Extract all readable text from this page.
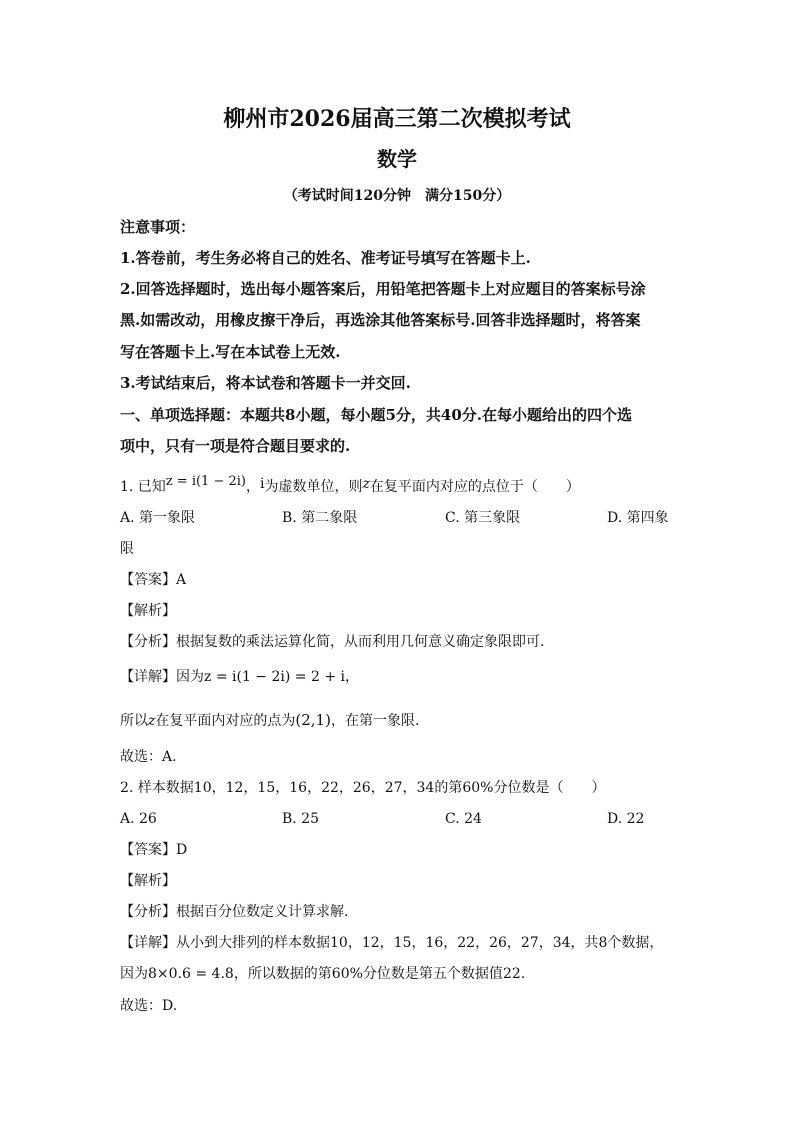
柳州市2026届高三第二次模拟考试
数学
（考试时间120分钟　满分150分）
注意事项：
1.答卷前，考生务必将自己的姓名、准考证号填写在答题卡上.
2.回答选择题时，选出每小题答案后，用铅笔把答题卡上对应题目的答案标号涂
黑.如需改动，用橡皮擦干净后，再选涂其他答案标号.回答非选择题时，将答案
写在答题卡上.写在本试卷上无效.
3.考试结束后，将本试卷和答题卡一并交回.
一、单项选择题：本题共8小题，每小题5分，共40分.在每小题给出的四个选
项中，只有一项是符合题目要求的.
1. 已知z = i(1 − 2i)，i为虚数单位，则z在复平面内对应的点位于（　　）
A. 第一象限	B. 第二象限	C. 第三象限	D. 第四象
限
【答案】A
【解析】
【分析】根据复数的乘法运算化简，从而利用几何意义确定象限即可.
【详解】因为z = i(1 − 2i) = 2 + i，
所以z在复平面内对应的点为(2,1)，在第一象限.
故选：A.
2. 样本数据10，12，15，16，22，26，27，34的第60%分位数是（　　）
A. 26	B. 25	C. 24	D. 22
【答案】D
【解析】
【分析】根据百分位数定义计算求解.
【详解】从小到大排列的样本数据10，12，15，16，22，26，27，34，共8个数据，
因为8×0.6 = 4.8，所以数据的第60%分位数是第五个数据值22.
故选：D.
